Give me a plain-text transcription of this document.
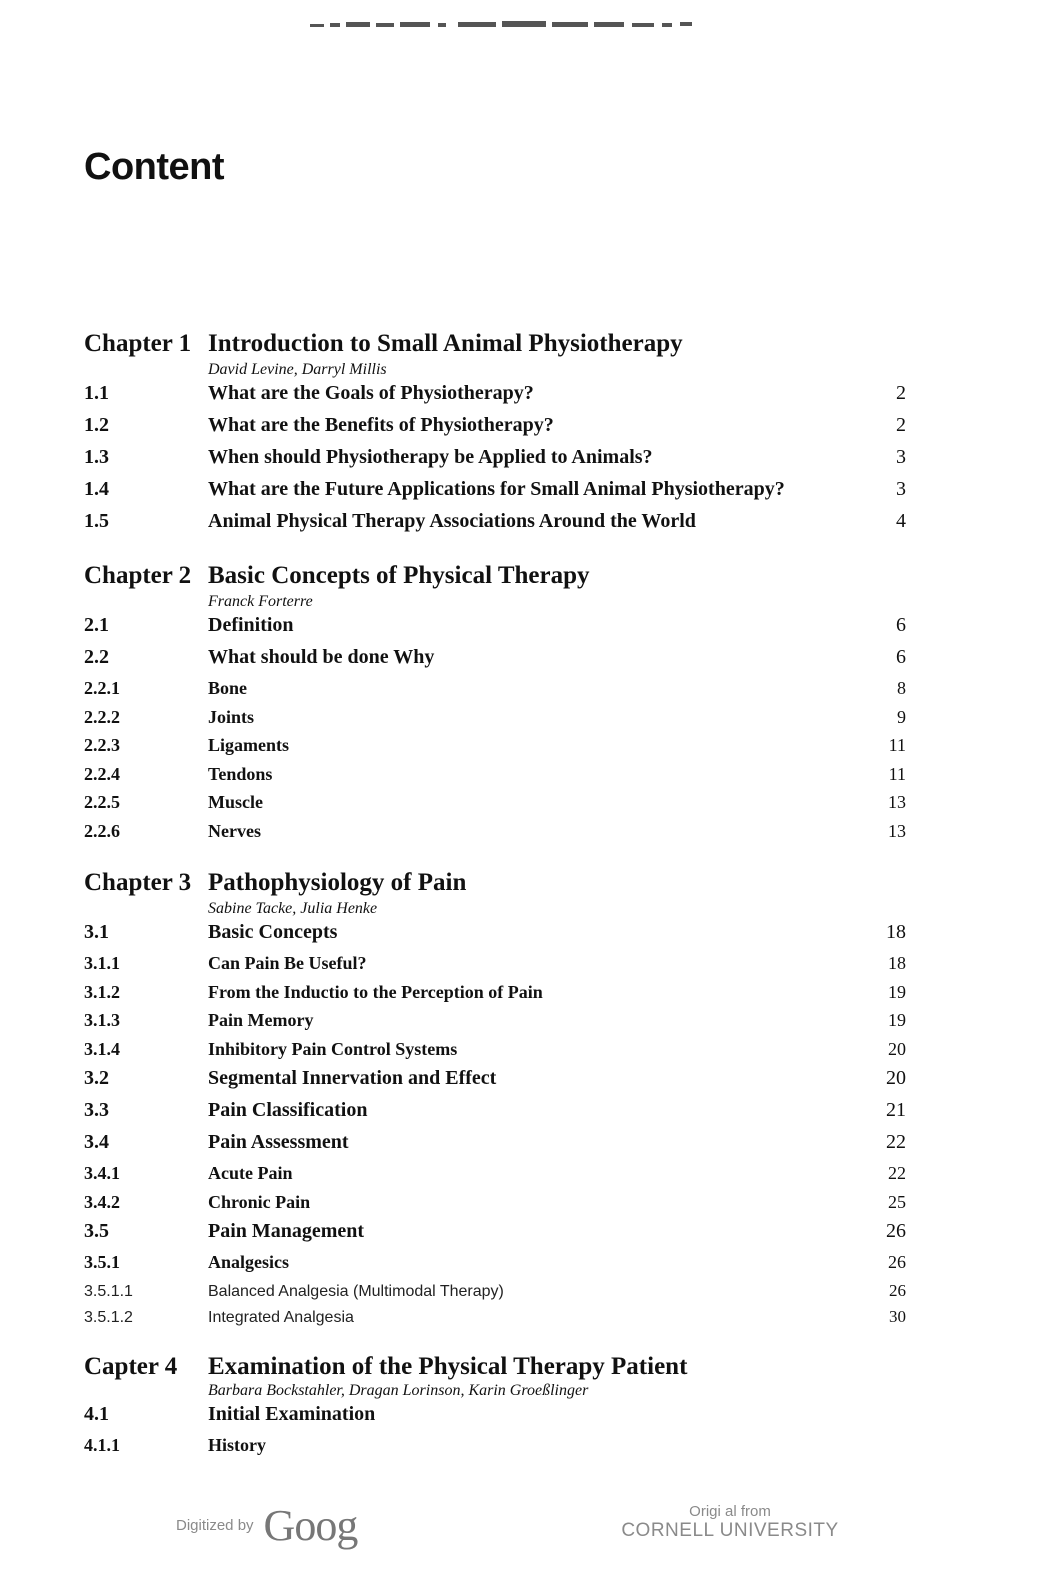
Content
Chapter 1 Introduction to Small Animal Physiotherapy
David Levine, Darryl Millis
1.1	What are the Goals of Physiotherapy?	2
1.2	What are the Benefits of Physiotherapy?	2
1.3	When should Physiotherapy be Applied to Animals?	3
1.4	What are the Future Applications for Small Animal Physiotherapy?	3
1.5	Animal Physical Therapy Associations Around the World	4
Chapter 2 Basic Concepts of Physical Therapy
Franck Forterre
2.1	Definition	6
2.2	What should be done Why	6
2.2.1	Bone	8
2.2.2	Joints	9
2.2.3	Ligaments	11
2.2.4	Tendons	11
2.2.5	Muscle	13
2.2.6	Nerves	13
Chapter 3 Pathophysiology of Pain
Sabine Tacke, Julia Henke
3.1	Basic Concepts	18
3.1.1	Can Pain Be Useful?	18
3.1.2	From the Inductio to the Perception of Pain	19
3.1.3	Pain Memory	19
3.1.4	Inhibitory Pain Control Systems	20
3.2	Segmental Innervation and Effect	20
3.3	Pain Classification	21
3.4	Pain Assessment	22
3.4.1	Acute Pain	22
3.4.2	Chronic Pain	25
3.5	Pain Management	26
3.5.1	Analgesics	26
3.5.1.1	Balanced Analgesia (Multimodal Therapy)	26
3.5.1.2	Integrated Analgesia	30
Capter 4	Examination of the Physical Therapy Patient
Barbara Bockstahler, Dragan Lorinson, Karin Groeßlinger
4.1	Initial Examination
4.1.1	History
Digitized by Goog	Origi al from
CORNELL UNIVERSITY
